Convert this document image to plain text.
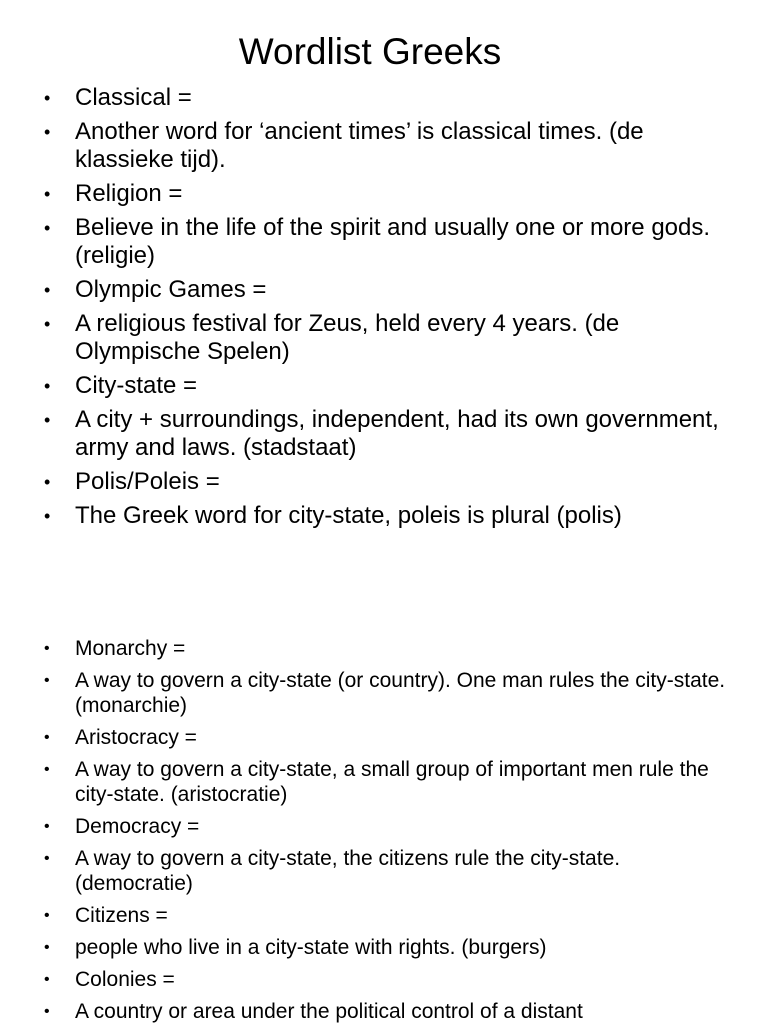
Wordlist Greeks
• Classical =
• Another word for ‘ancient times’ is classical times. (de klassieke tijd).
• Religion =
• Believe in the life of the spirit and usually one or more gods. (religie)
• Olympic Games =
• A religious festival for Zeus, held every 4 years. (de Olympische Spelen)
• City-state =
• A city + surroundings, independent, had its own government, army and laws. (stadstaat)
• Polis/Poleis =
• The Greek word for city-state, poleis is plural (polis)
• Monarchy =
• A way to govern a city-state (or country). One man rules the city-state. (monarchie)
• Aristocracy =
• A way to govern a city-state, a small group of important men rule the city-state. (aristocratie)
• Democracy =
• A way to govern a city-state, the citizens rule the city-state. (democratie)
• Citizens =
• people who live in a city-state with rights. (burgers)
• Colonies =
• A country or area under the political control of a distant
